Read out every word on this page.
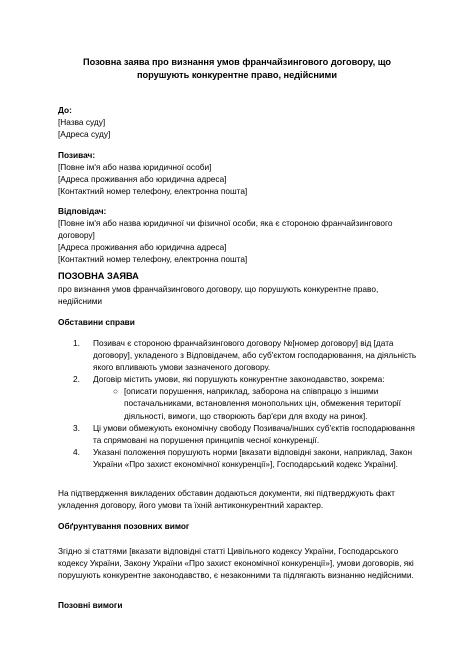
Позовна заява про визнання умов франчайзингового договору, що порушують конкурентне право, недійсними
До:
[Назва суду]
[Адреса суду]
Позивач:
[Повне ім'я або назва юридичної особи]
[Адреса проживання або юридична адреса]
[Контактний номер телефону, електронна пошта]
Відповідач:
[Повне ім'я або назва юридичної чи фізичної особи, яка є стороною франчайзингового договору]
[Адреса проживання або юридична адреса]
[Контактний номер телефону, електронна пошта]
ПОЗОВНА ЗАЯВА
про визнання умов франчайзингового договору, що порушують конкурентне право, недійсними
Обставини справи
1. Позивач є стороною франчайзингового договору №[номер договору] від [дата договору], укладеного з Відповідачем, або суб'єктом господарювання, на діяльність якого впливають умови зазначеного договору.
2. Договір містить умови, які порушують конкурентне законодавство, зокрема:
○ [описати порушення, наприклад, заборона на співпрацю з іншими постачальниками, встановлення монопольних цін, обмеження території діяльності, вимоги, що створюють бар'єри для входу на ринок].
3. Ці умови обмежують економічну свободу Позивача/інших суб'єктів господарювання та спрямовані на порушення принципів чесної конкуренції.
4. Указані положення порушують норми [вказати відповідні закони, наприклад, Закон України «Про захист економічної конкуренції»], Господарський кодекс України].
На підтвердження викладених обставин додаються документи, які підтверджують факт укладення договору, його умови та їхній антиконкурентний характер.
Обґрунтування позовних вимог
Згідно зі статтями [вказати відповідні статті Цивільного кодексу України, Господарського кодексу України, Закону України «Про захист економічної конкуренції»], умови договорів, які порушують конкурентне законодавство, є незаконними та підлягають визнанню недійсними.
Позовні вимоги
